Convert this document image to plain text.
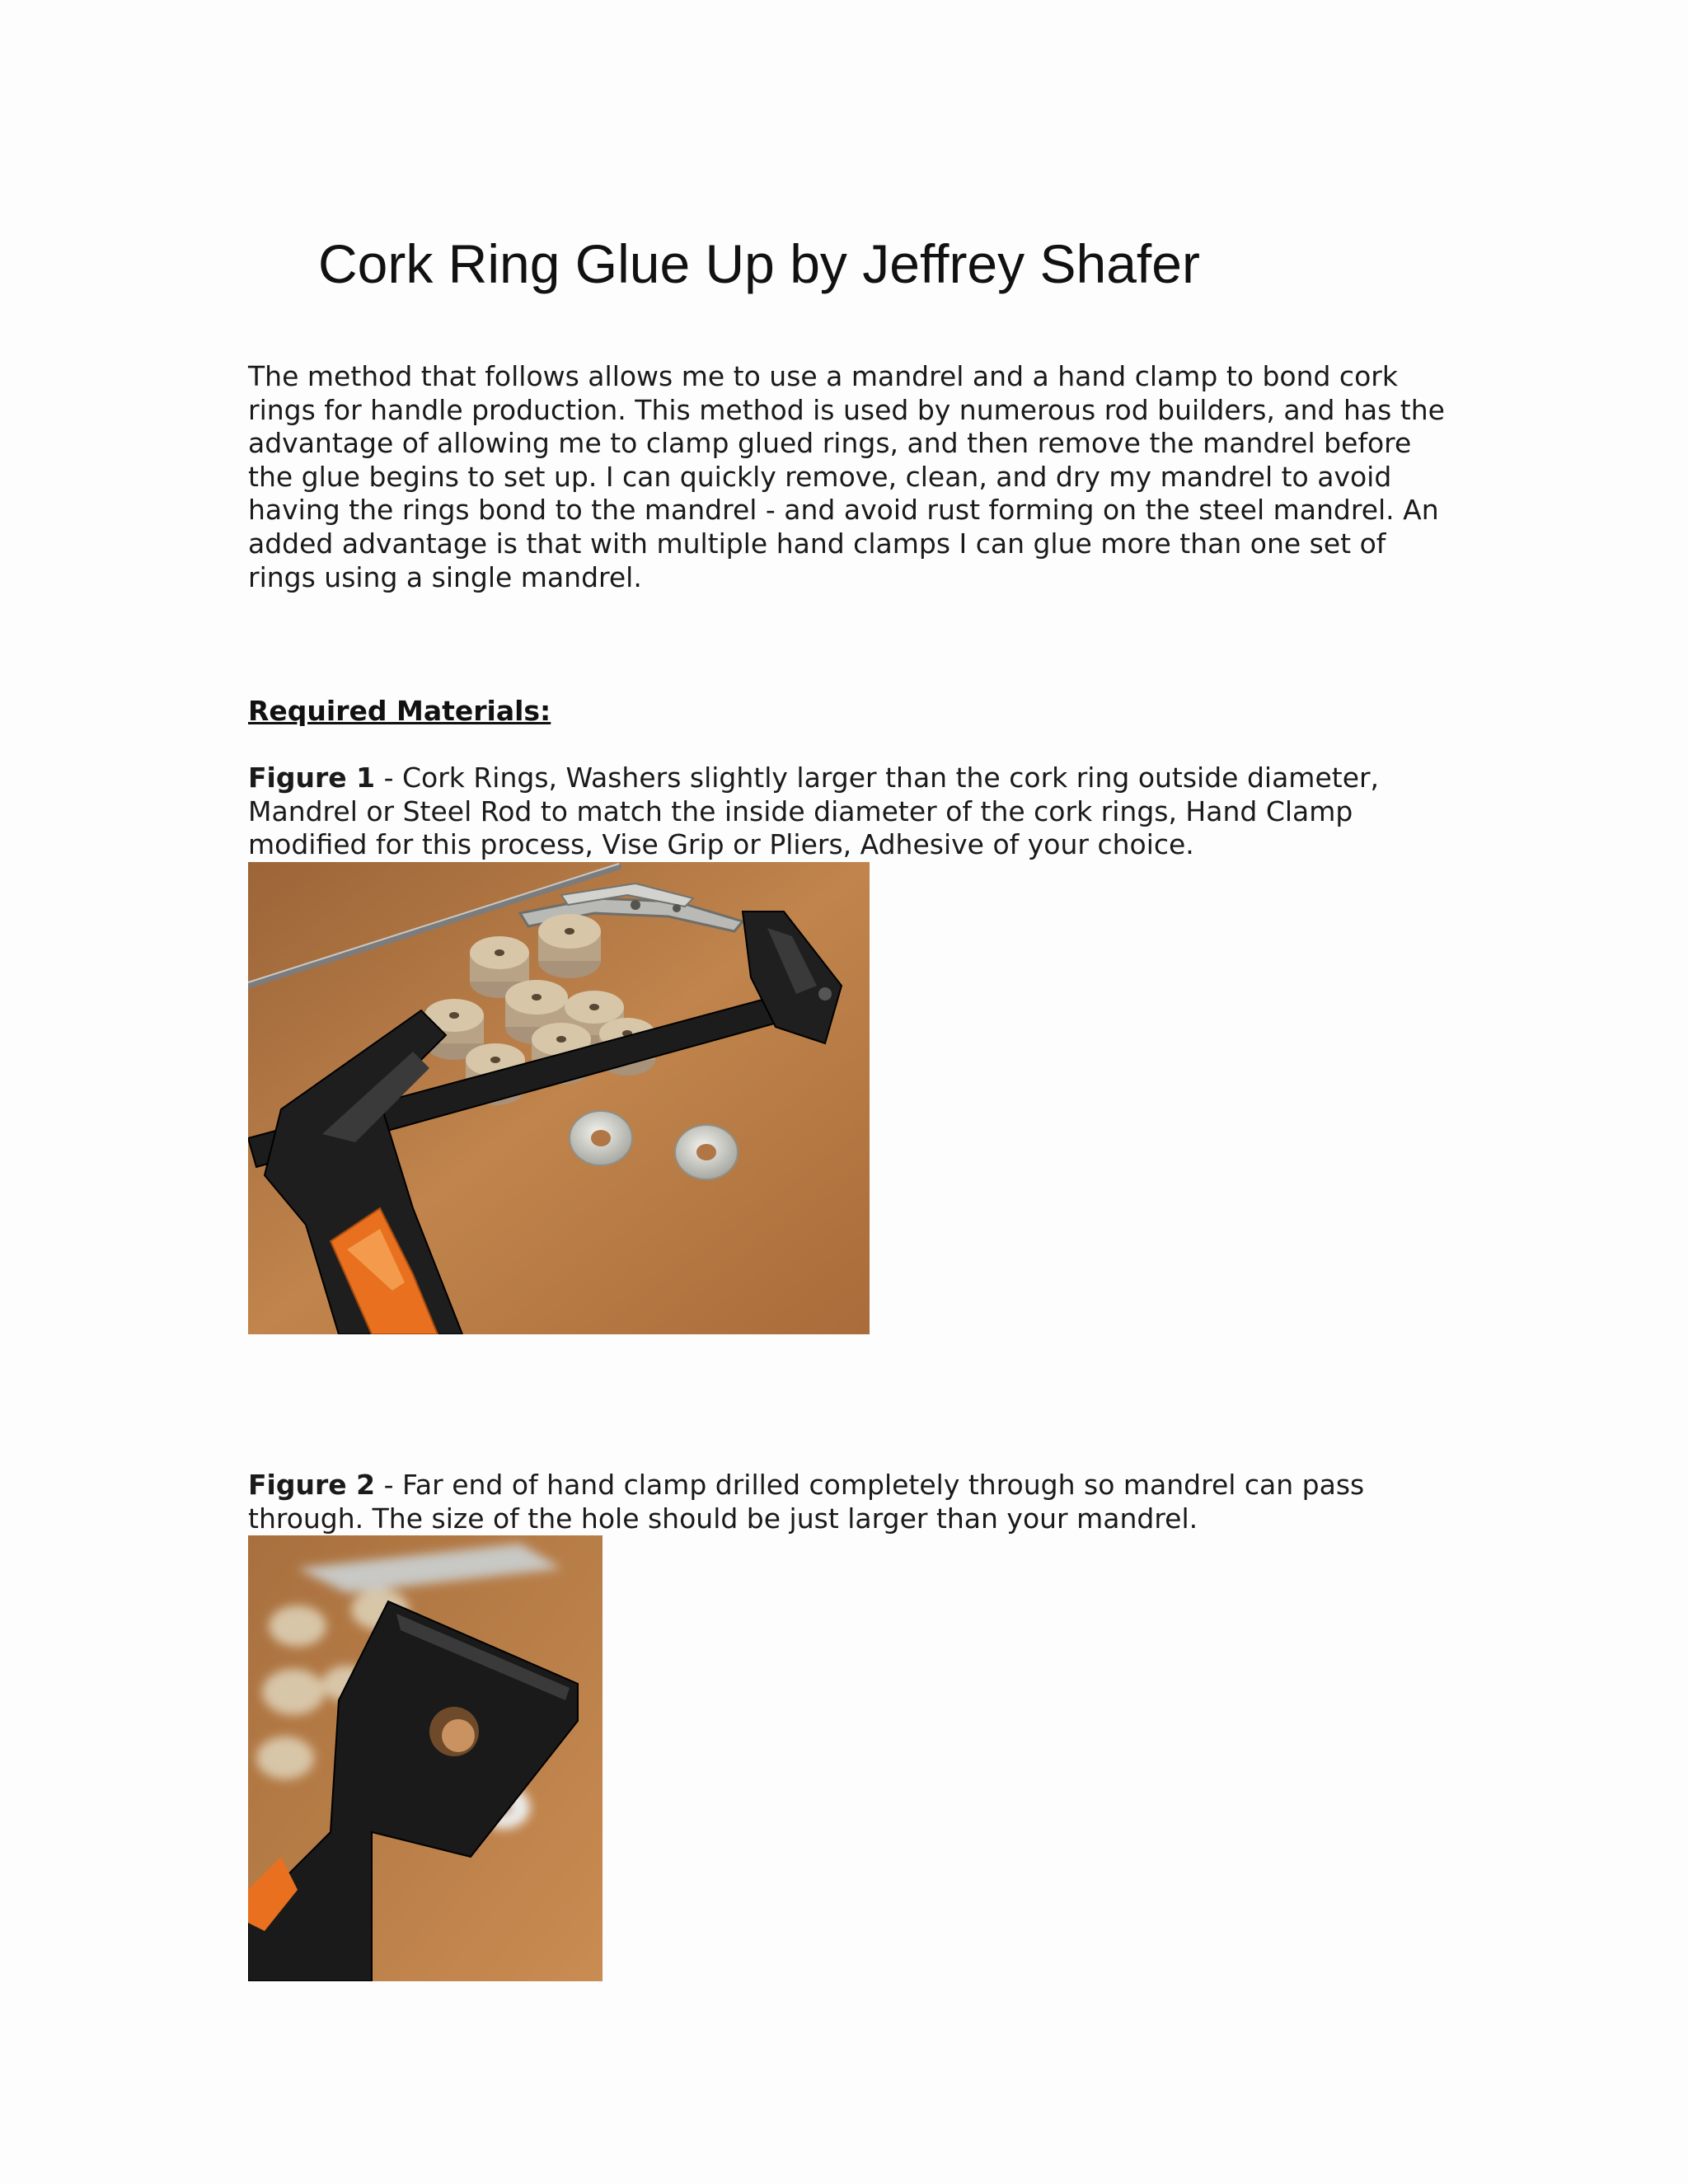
Cork Ring Glue Up by Jeffrey Shafer

The method that follows allows me to use a mandrel and a hand clamp to bond cork rings for handle production. This method is used by numerous rod builders, and has the advantage of allowing me to clamp glued rings, and then remove the mandrel before the glue begins to set up. I can quickly remove, clean, and dry my mandrel to avoid having the rings bond to the mandrel - and avoid rust forming on the steel mandrel. An added advantage is that with multiple hand clamps I can glue more than one set of rings using a single mandrel.

Required Materials:

Figure 1 - Cork Rings, Washers slightly larger than the cork ring outside diameter, Mandrel or Steel Rod to match the inside diameter of the cork rings, Hand Clamp modified for this process, Vise Grip or Pliers, Adhesive of your choice.

Figure 2 - Far end of hand clamp drilled completely through so mandrel can pass through. The size of the hole should be just larger than your mandrel.
